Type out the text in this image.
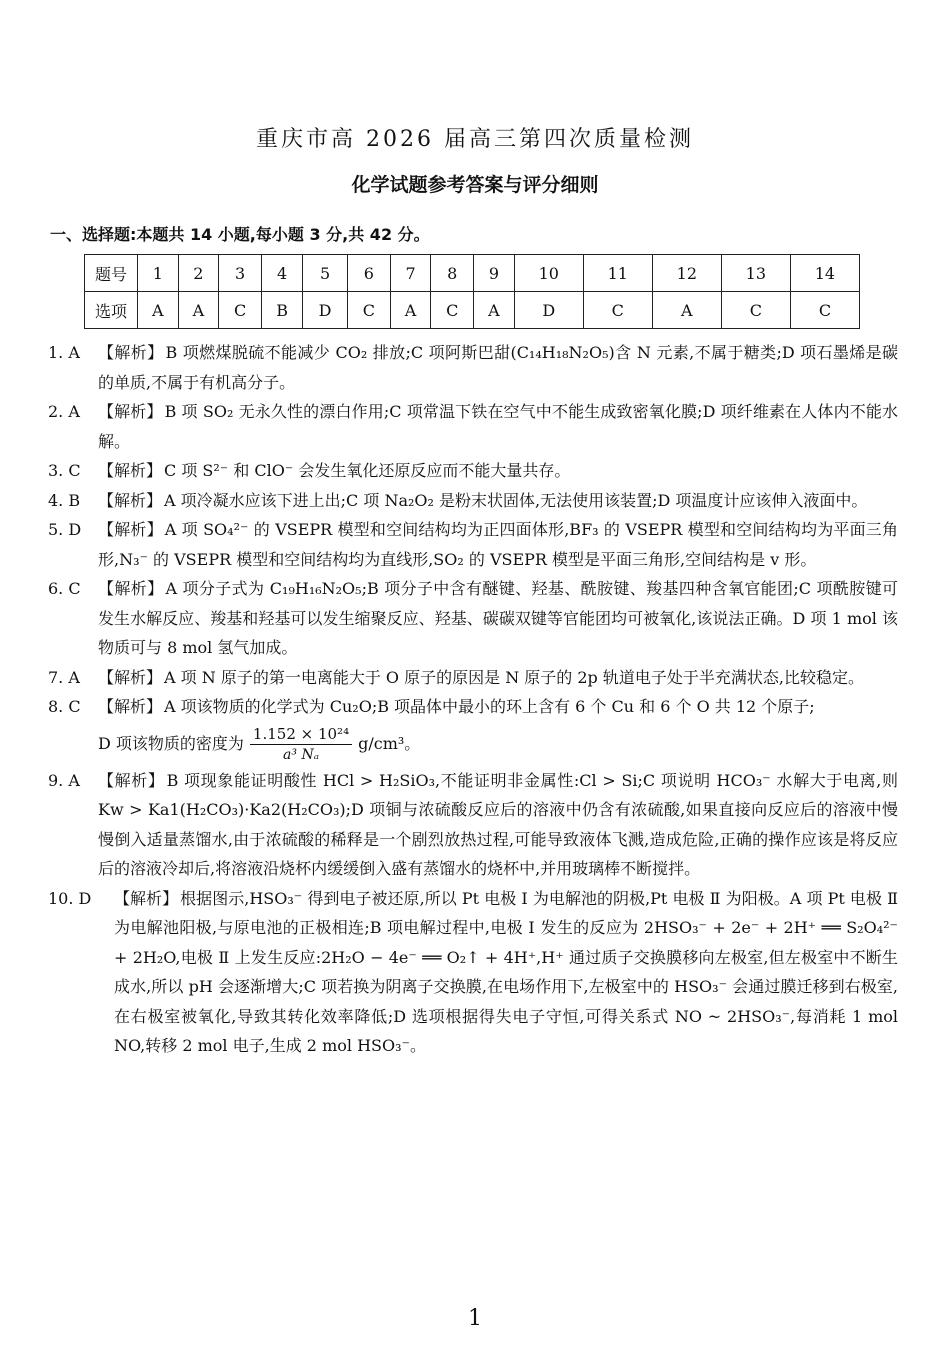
重庆市高 2026 届高三第四次质量检测
化学试题参考答案与评分细则
一、选择题:本题共 14 小题,每小题 3 分,共 42 分。
题号	1	2	3	4	5	6	7	8	9	10	11	12	13	14
选项	A	A	C	B	D	C	A	C	A	D	C	A	C	C
1. A	【解析】 B 项燃煤脱硫不能减少 CO₂ 排放;C 项阿斯巴甜(C₁₄H₁₈N₂O₅)含 N 元素,不属于糖类;D 项石墨烯是碳的单质,不属于有机高分子。
2. A	【解析】 B 项 SO₂ 无永久性的漂白作用;C 项常温下铁在空气中不能生成致密氧化膜;D 项纤维素在人体内不能水解。
3. C	【解析】 C 项 S²⁻ 和 ClO⁻ 会发生氧化还原反应而不能大量共存。
4. B	【解析】 A 项冷凝水应该下进上出;C 项 Na₂O₂ 是粉末状固体,无法使用该装置;D 项温度计应该伸入液面中。
5. D	【解析】 A 项 SO₄²⁻ 的 VSEPR 模型和空间结构均为正四面体形,BF₃ 的 VSEPR 模型和空间结构均为平面三角形,N₃⁻ 的 VSEPR 模型和空间结构均为直线形,SO₂ 的 VSEPR 模型是平面三角形,空间结构是 v 形。
6. C	【解析】 A 项分子式为 C₁₉H₁₆N₂O₅;B 项分子中含有醚键、羟基、酰胺键、羧基四种含氧官能团;C 项酰胺键可发生水解反应、羧基和羟基可以发生缩聚反应、羟基、碳碳双键等官能团均可被氧化,该说法正确。D 项 1 mol 该物质可与 8 mol 氢气加成。
7. A	【解析】 A 项 N 原子的第一电离能大于 O 原子的原因是 N 原子的 2p 轨道电子处于半充满状态,比较稳定。
8. C	【解析】 A 项该物质的化学式为 Cu₂O;B 项晶体中最小的环上含有 6 个 Cu 和 6 个 O 共 12 个原子;
D 项该物质的密度为 $\frac{\text{1.152 × 10²⁴}}{\text{a³ Nₐ}} g/cm^3$。
9. A	【解析】 B 项现象能证明酸性 HCl > H₂SiO₃,不能证明非金属性:Cl > Si;C 项说明 HCO₃⁻ 水解大于电离,则 Kw > Ka1(H₂CO₃)·Ka2(H₂CO₃);D 项铜与浓硫酸反应后的溶液中仍含有浓硫酸,如果直接向反应后的溶液中慢慢倒入适量蒸馏水,由于浓硫酸的稀释是一个剧烈放热过程,可能导致液体飞溅,造成危险,正确的操作应该是将反应后的溶液冷却后,将溶液沿烧杯内缓缓倒入盛有蒸馏水的烧杯中,并用玻璃棒不断搅拌。
10. D	【解析】 根据图示,HSO₃⁻ 得到电子被还原,所以 Pt 电极 Ⅰ 为电解池的阴极,Pt 电极 Ⅱ 为阳极。A 项 Pt 电极 Ⅱ 为电解池阳极,与原电池的正极相连;B 项电解过程中,电极 Ⅰ 发生的反应为 2HSO₃⁻ + 2e⁻ + 2H⁺ ══ S₂O₄²⁻ + 2H₂O,电极 Ⅱ 上发生反应:2H₂O − 4e⁻ ══ O₂↑ + 4H⁺,H⁺ 通过质子交换膜移向左极室,但左极室中不断生成水,所以 pH 会逐渐增大;C 项若换为阴离子交换膜,在电场作用下,左极室中的 HSO₃⁻ 会通过膜迁移到右极室,在右极室被氧化,导致其转化效率降低;D 选项根据得失电子守恒,可得关系式 NO ~ 2HSO₃⁻,每消耗 1 mol NO,转移 2 mol 电子,生成 2 mol HSO₃⁻。
1
